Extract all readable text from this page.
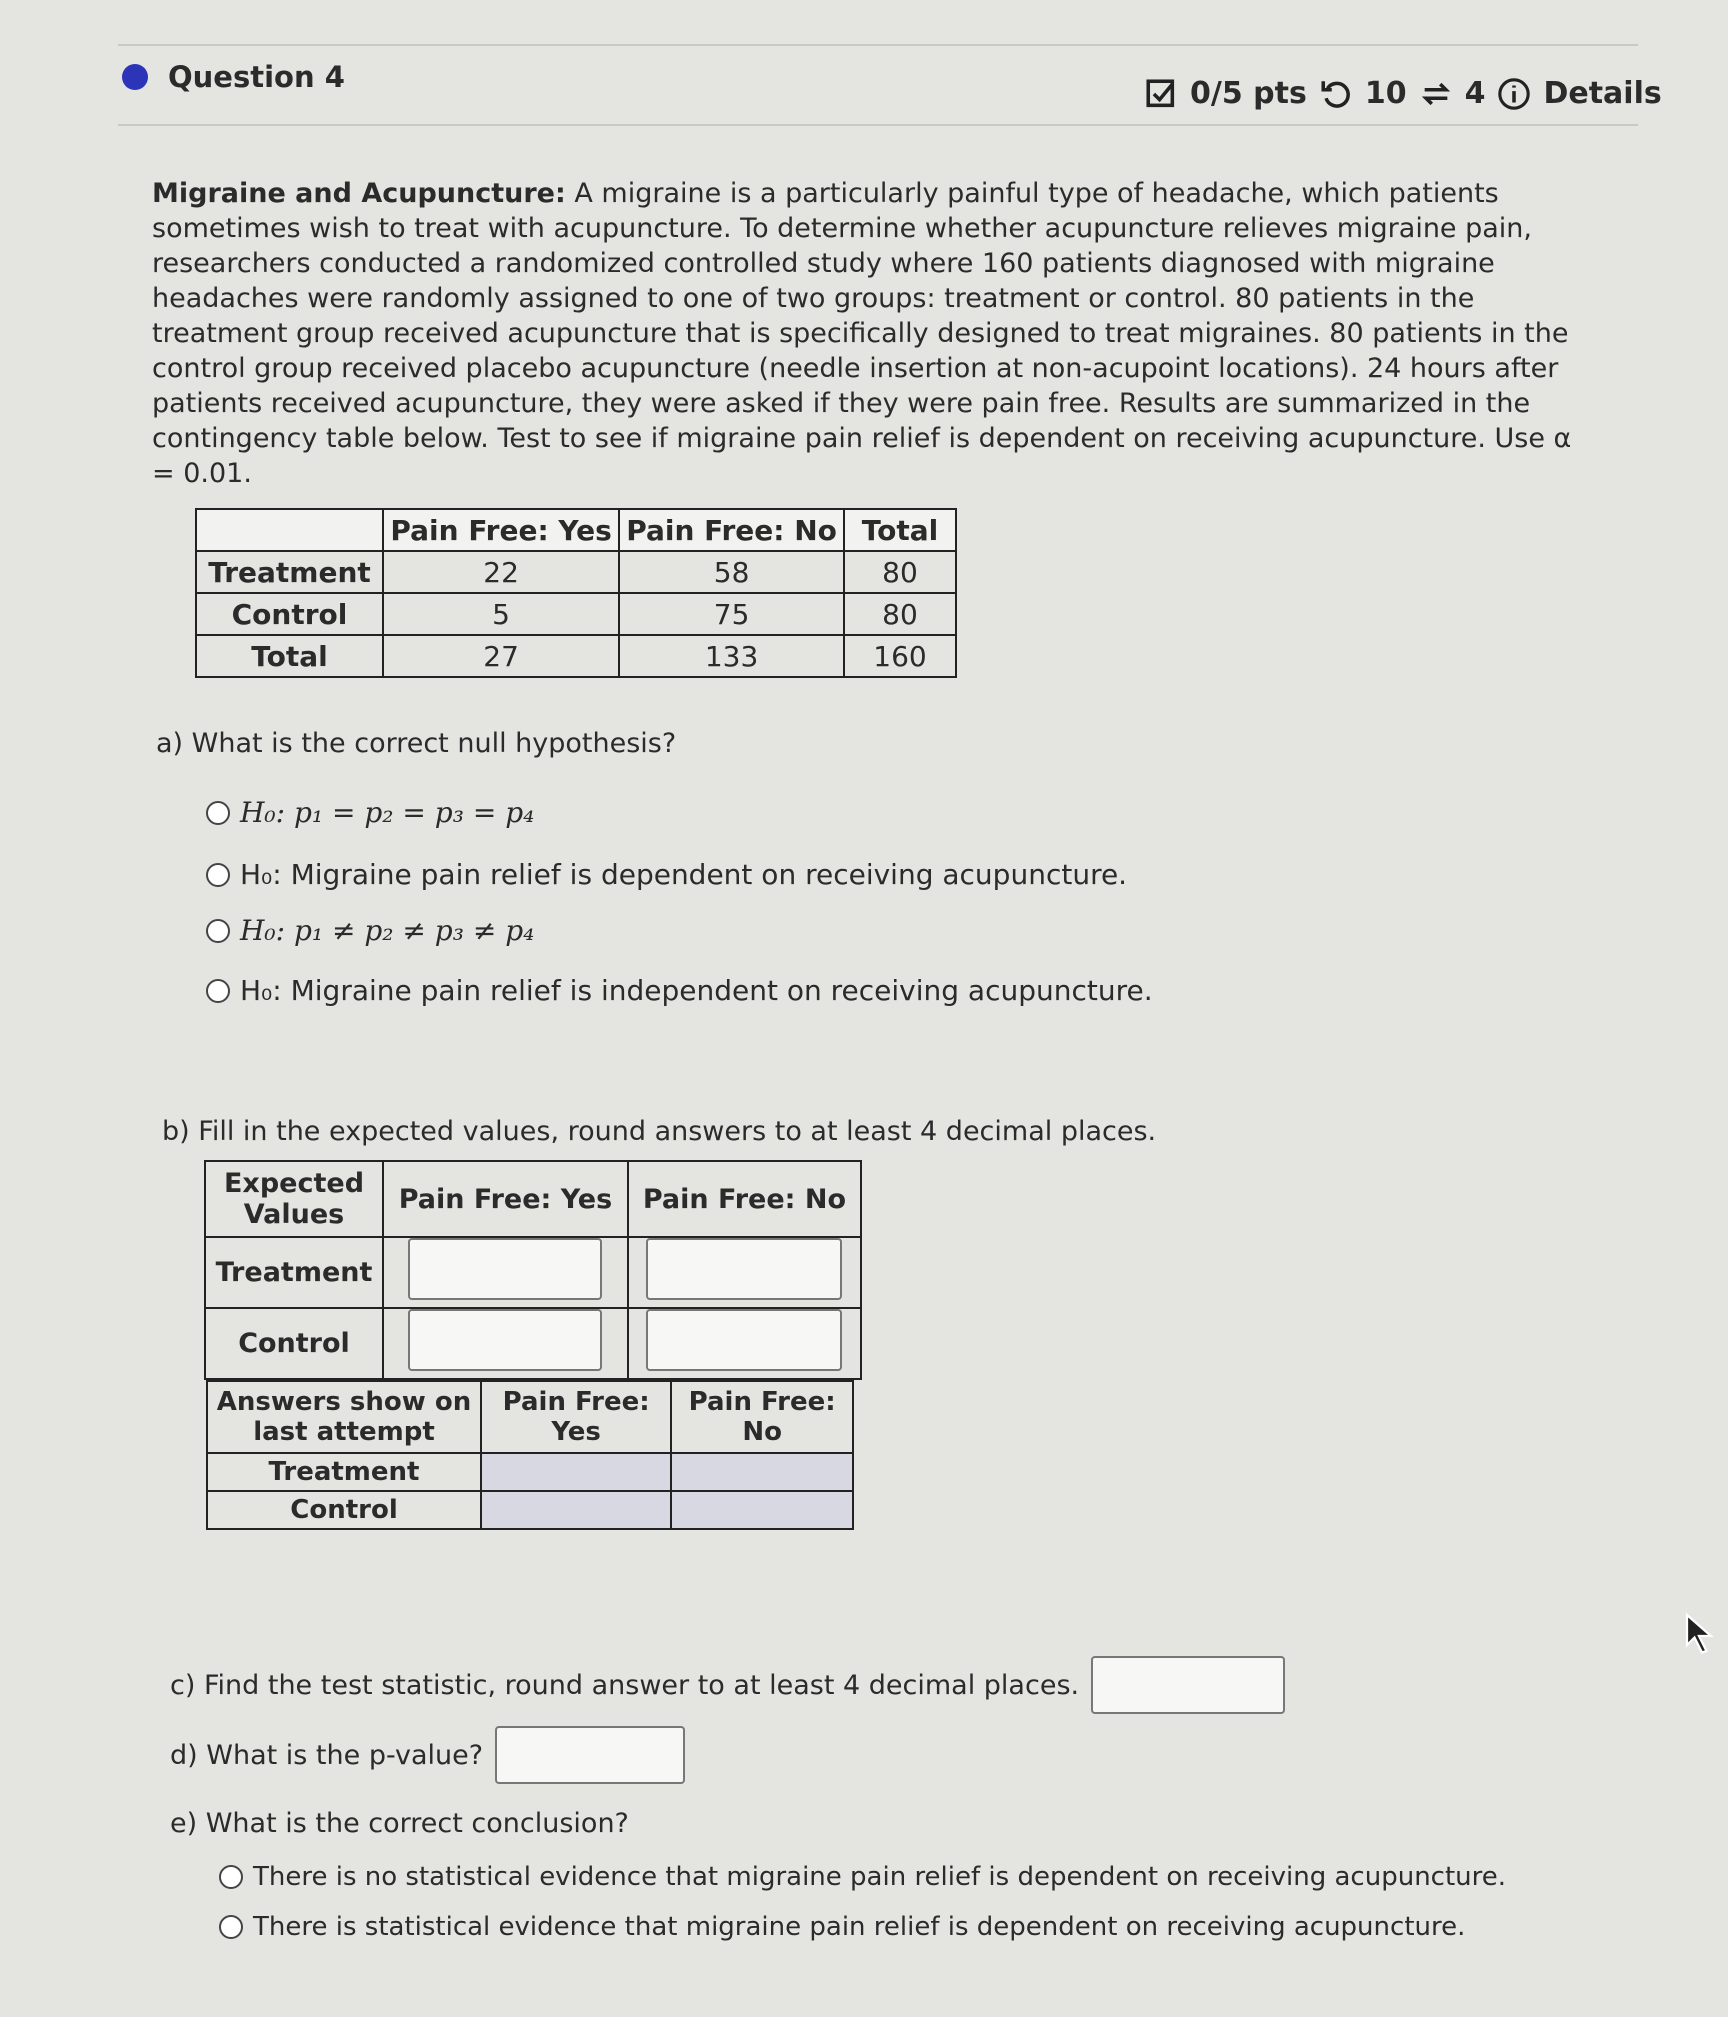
Question 4	0/5 pts 10 4 Details
Migraine and Acupuncture: A migraine is a particularly painful type of headache, which patients sometimes wish to treat with acupuncture. To determine whether acupuncture relieves migraine pain, researchers conducted a randomized controlled study where 160 patients diagnosed with migraine headaches were randomly assigned to one of two groups: treatment or control. 80 patients in the treatment group received acupuncture that is specifically designed to treat migraines. 80 patients in the control group received placebo acupuncture (needle insertion at non-acupoint locations). 24 hours after patients received acupuncture, they were asked if they were pain free. Results are summarized in the contingency table below. Test to see if migraine pain relief is dependent on receiving acupuncture. Use α = 0.01.
	Pain Free: Yes	Pain Free: No	Total
Treatment	22	58	80
Control	5	75	80
Total	27	133	160
a) What is the correct null hypothesis?
H₀: p₁ = p₂ = p₃ = p₄
H₀: Migraine pain relief is dependent on receiving acupuncture.
H₀: p₁ ≠ p₂ ≠ p₃ ≠ p₄
H₀: Migraine pain relief is independent on receiving acupuncture.
b) Fill in the expected values, round answers to at least 4 decimal places.
Expected Values	Pain Free: Yes	Pain Free: No
Treatment		
Control		
Answers show on last attempt	Pain Free: Yes	Pain Free: No
Treatment		
Control		
c) Find the test statistic, round answer to at least 4 decimal places.
d) What is the p-value?
e) What is the correct conclusion?
There is no statistical evidence that migraine pain relief is dependent on receiving acupuncture.
There is statistical evidence that migraine pain relief is dependent on receiving acupuncture.
